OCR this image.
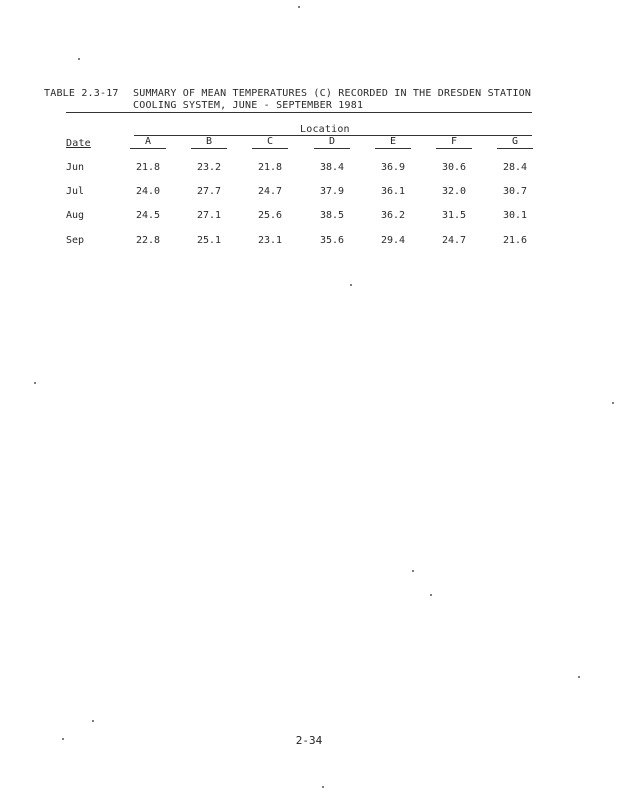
TABLE 2.3-17 SUMMARY OF MEAN TEMPERATURES (C) RECORDED IN THE DRESDEN STATION
COOLING SYSTEM, JUNE - SEPTEMBER 1981
Location
Date	A	B	C	D	E	F	G
Jun	21.8	23.2	21.8	38.4	36.9	30.6	28.4
Jul	24.0	27.7	24.7	37.9	36.1	32.0	30.7
Aug	24.5	27.1	25.6	38.5	36.2	31.5	30.1
Sep	22.8	25.1	23.1	35.6	29.4	24.7	21.6
2-34
